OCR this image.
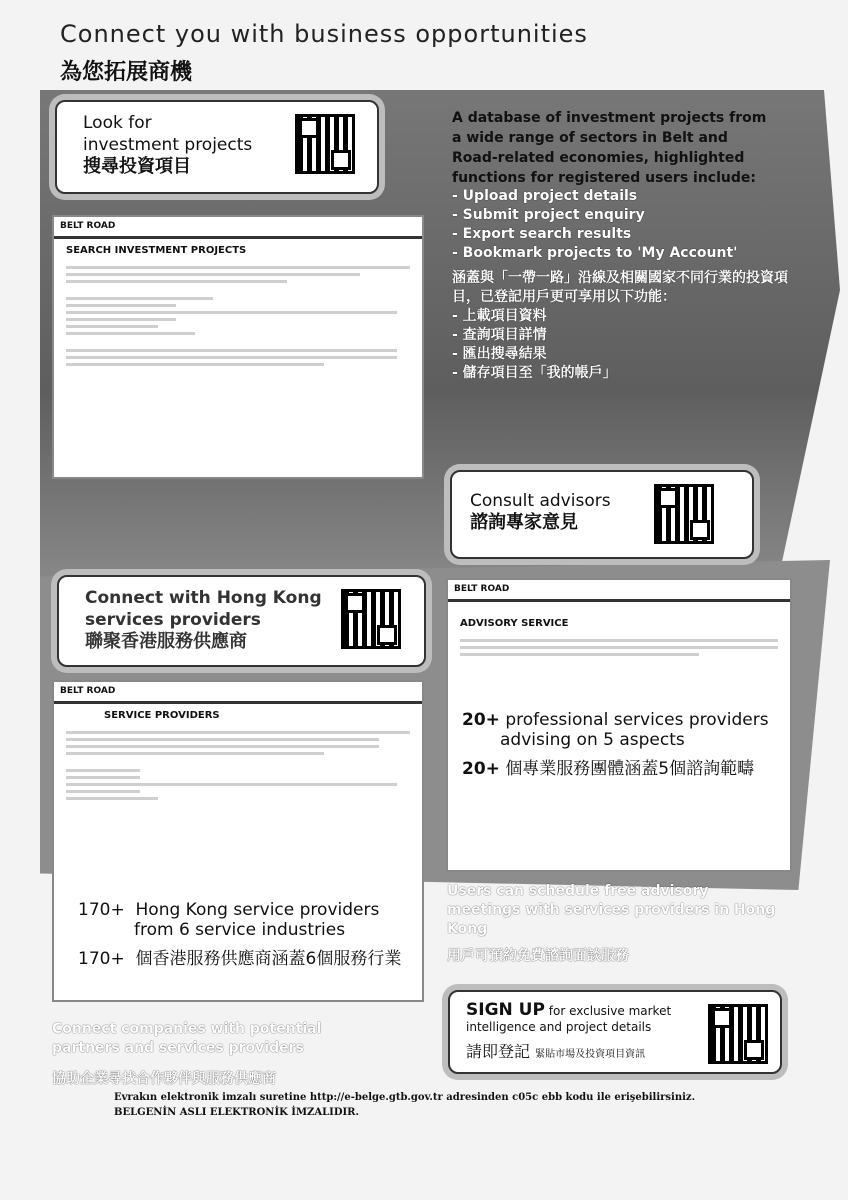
Connect you with business opportunities
為您拓展商機
Look for
investment projects
搜尋投資項目
A database of investment projects from a wide range of sectors in Belt and Road-related economies, highlighted functions for registered users include:
- Upload project details
- Submit project enquiry
- Export search results
- Bookmark projects to 'My Account'
涵蓋與「一帶一路」沿線及相關國家不同行業的投資項目，已登記用戶更可享用以下功能：
- 上載項目資料
- 查詢項目詳情
- 匯出搜尋結果
- 儲存項目至「我的帳戶」
BELT ROAD
SEARCH INVESTMENT PROJECTS
Consult advisors
諮詢專家意見
Connect with Hong Kong
services providers
聯聚香港服務供應商
BELT ROAD
SERVICE PROVIDERS
170+ Hong Kong service providers
from 6 service industries
170+ 個香港服務供應商涵蓋6個服務行業
BELT ROAD
ADVISORY SERVICE
20+ professional services providers
advising on 5 aspects
20+ 個專業服務團體涵蓋5個諮詢範疇
Users can schedule free advisory meetings with services providers in Hong Kong
用戶可預約免費諮詢面談服務
Connect companies with potential partners and services providers
協助企業尋找合作夥伴與服務供應商
SIGN UP for exclusive market intelligence and project details
請即登記 緊貼市場及投資項目資訊
Evrakın elektronik imzalı suretine http://e-belge.gtb.gov.tr adresinden c05c ebb kodu ile erişebilirsiniz.
BELGENİN ASLI ELEKTRONİK İMZALIDIR.
